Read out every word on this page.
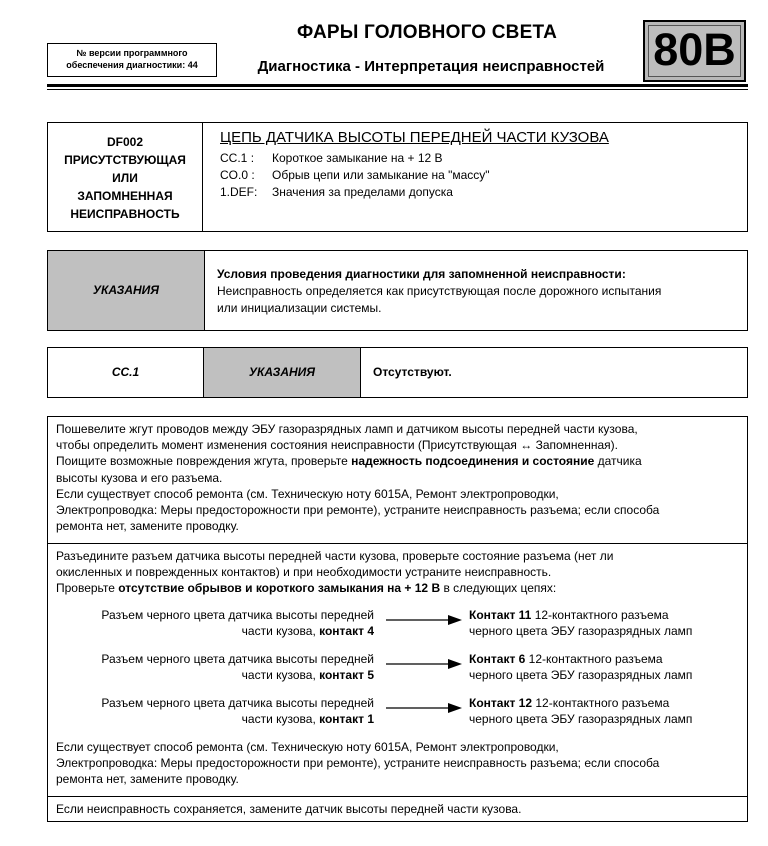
№ версии программного
обеспечения диагностики: 44
ФАРЫ ГОЛОВНОГО СВЕТА
Диагностика - Интерпретация неисправностей	80B
DF002
ПРИСУТСТВУЮЩАЯ
ИЛИ
ЗАПОМНЕННАЯ
НЕИСПРАВНОСТЬ
ЦЕПЬ ДАТЧИКА ВЫСОТЫ ПЕРЕДНЕЙ ЧАСТИ КУЗОВА
CC.1 :	Короткое замыкание на + 12 В
CO.0 :	Обрыв цепи или замыкание на "массу"
1.DEF:	Значения за пределами допуска
УКАЗАНИЯ
Условия проведения диагностики для запомненной неисправности:
Неисправность определяется как присутствующая после дорожного испытания
или инициализации системы.
CC.1	УКАЗАНИЯ	Отсутствуют.
Пошевелите жгут проводов между ЭБУ газоразрядных ламп и датчиком высоты передней части кузова,
чтобы определить момент изменения состояния неисправности (Присутствующая ↔ Запомненная).
Поищите возможные повреждения жгута, проверьте надежность подсоединения и состояние датчика
высоты кузова и его разъема.
Если существует способ ремонта (см. Техническую ноту 6015A, Ремонт электропроводки,
Электропроводка: Меры предосторожности при ремонте), устраните неисправность разъема; если способа
ремонта нет, замените проводку.
Разъедините разъем датчика высоты передней части кузова, проверьте состояние разъема (нет ли
окисленных и поврежденных контактов) и при необходимости устраните неисправность.
Проверьте отсутствие обрывов и короткого замыкания на + 12 В в следующих цепях:
Разъем черного цвета датчика высоты передней
части кузова, контакт 4
Контакт 11 12-контактного разъема
черного цвета ЭБУ газоразрядных ламп
Разъем черного цвета датчика высоты передней
части кузова, контакт 5
Контакт 6 12-контактного разъема
черного цвета ЭБУ газоразрядных ламп
Разъем черного цвета датчика высоты передней
части кузова, контакт 1
Контакт 12 12-контактного разъема
черного цвета ЭБУ газоразрядных ламп
Если существует способ ремонта (см. Техническую ноту 6015A, Ремонт электропроводки,
Электропроводка: Меры предосторожности при ремонте), устраните неисправность разъема; если способа
ремонта нет, замените проводку.
Если неисправность сохраняется, замените датчик высоты передней части кузова.
